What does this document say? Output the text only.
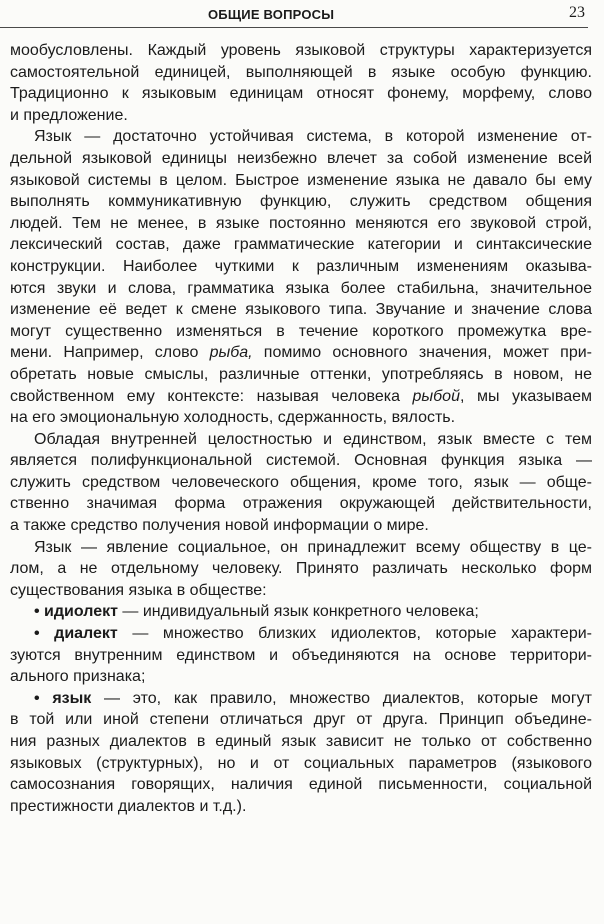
ОБЩИЕ ВОПРОСЫ	23

мообусловлены. Каждый уровень языковой структуры характеризуется
самостоятельной единицей, выполняющей в языке особую функцию.
Традиционно к языковым единицам относят фонему, морфему, слово
и предложение.

Язык — достаточно устойчивая система, в которой изменение от-
дельной языковой единицы неизбежно влечет за собой изменение всей
языковой системы в целом. Быстрое изменение языка не давало бы ему
выполнять коммуникативную функцию, служить средством общения
людей. Тем не менее, в языке постоянно меняются его звуковой строй,
лексический состав, даже грамматические категории и синтаксические
конструкции. Наиболее чуткими к различным изменениям оказыва-
ются звуки и слова, грамматика языка более стабильна, значительное
изменение её ведет к смене языкового типа. Звучание и значение слова
могут существенно изменяться в течение короткого промежутка вре-
мени. Например, слово рыба, помимо основного значения, может при-
обретать новые смыслы, различные оттенки, употребляясь в новом, не
свойственном ему контексте: называя человека рыбой, мы указываем
на его эмоциональную холодность, сдержанность, вялость.

Обладая внутренней целостностью и единством, язык вместе с тем
является полифункциональной системой. Основная функция языка —
служить средством человеческого общения, кроме того, язык — обще-
ственно значимая форма отражения окружающей действительности,
а также средство получения новой информации о мире.

Язык — явление социальное, он принадлежит всему обществу в це-
лом, а не отдельному человеку. Принято различать несколько форм
существования языка в обществе:

• идиолект — индивидуальный язык конкретного человека;

• диалект — множество близких идиолектов, которые характери-
зуются внутренним единством и объединяются на основе территори-
ального признака;

• язык — это, как правило, множество диалектов, которые могут
в той или иной степени отличаться друг от друга. Принцип объедине-
ния разных диалектов в единый язык зависит не только от собственно
языковых (структурных), но и от социальных параметров (языкового
самосознания говорящих, наличия единой письменности, социальной
престижности диалектов и т.д.).
